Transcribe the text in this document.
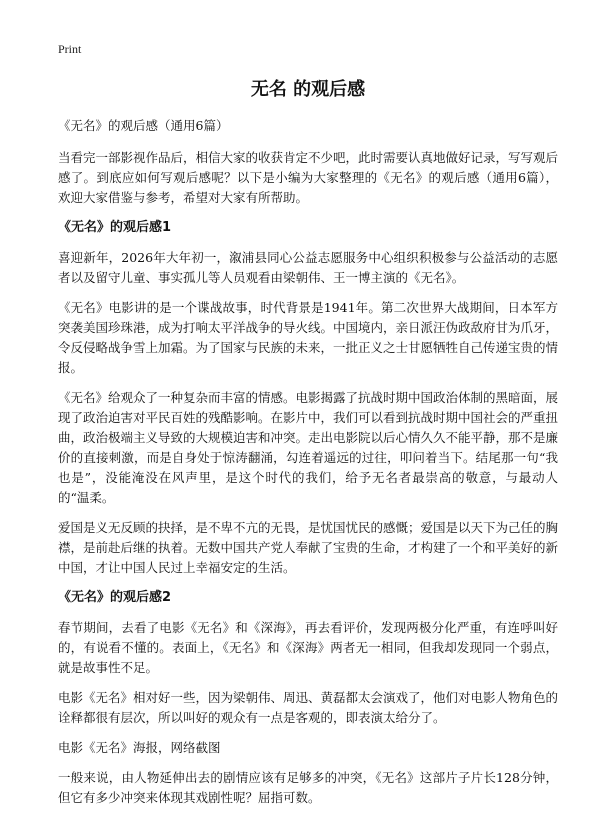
Print
无名 的观后感
《无名》的观后感（通用6篇）

当看完一部影视作品后，相信大家的收获肯定不少吧，此时需要认真地做好记录，写写观后感了。到底应如何写观后感呢？以下是小编为大家整理的《无名》的观后感（通用6篇），欢迎大家借鉴与参考，希望对大家有所帮助。

《无名》的观后感1

喜迎新年，2026年大年初一，溆浦县同心公益志愿服务中心组织积极参与公益活动的志愿者以及留守儿童、事实孤儿等人员观看由梁朝伟、王一博主演的《无名》。

《无名》电影讲的是一个谍战故事，时代背景是1941年。第二次世界大战期间，日本军方突袭美国珍珠港，成为打响太平洋战争的导火线。中国境内，亲日派汪伪政敌府甘为爪牙，令反侵略战争雪上加霜。为了国家与民族的未来，一批正义之士甘愿牺牲自己传递宝贵的情报。

《无名》给观众了一种复杂而丰富的情感。电影揭露了抗战时期中国政治体制的黑暗面，展现了政治迫害对平民百姓的残酷影响。在影片中，我们可以看到抗战时期中国社会的严重扭曲，政治极端主义导致的大规模迫害和冲突。走出电影院以后心情久久不能平静，那不是廉价的直接刺激，而是自身处于惊涛翻涌，勾连着遥远的过往，叩问着当下。结尾那一句“我也是”，没能淹没在风声里，是这个时代的我们，给予无名者最崇高的敬意，与最动人的“温柔。

爱国是义无反顾的抉择，是不卑不亢的无畏，是忧国忧民的感慨；爱国是以天下为己任的胸襟，是前赴后继的执着。无数中国共产党人奉献了宝贵的生命，才构建了一个和平美好的新中国，才让中国人民过上幸福安定的生活。

《无名》的观后感2

春节期间，去看了电影《无名》和《深海》，再去看评价，发现两极分化严重，有连呼叫好的，有说看不懂的。表面上，《无名》和《深海》两者无一相同，但我却发现同一个弱点，就是故事性不足。

电影《无名》相对好一些，因为梁朝伟、周迅、黄磊都太会演戏了，他们对电影人物角色的诠释都很有层次，所以叫好的观众有一点是客观的，即表演太给分了。

电影《无名》海报，网络截图

一般来说，由人物延伸出去的剧情应该有足够多的冲突，《无名》这部片子片长128分钟，但它有多少冲突来体现其戏剧性呢？屈指可数。
